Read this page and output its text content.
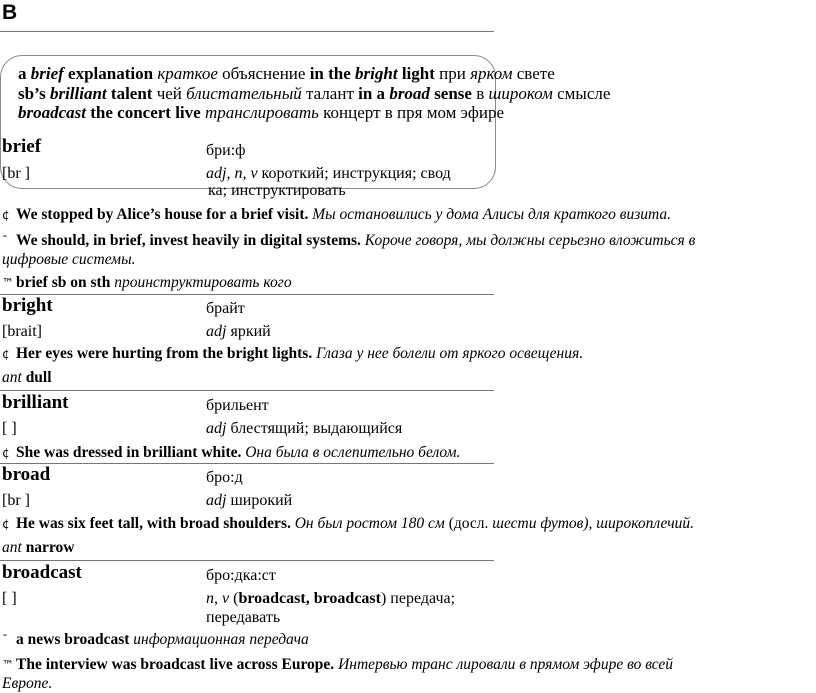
B
a brief explanation краткое объяснение in the bright light при ярком свете
sb’s brilliant talent чей блистательный талант in a broad sense в широком смысле
broadcast the concert live транслировать концерт в пря мом эфире
brief	бри:ф
[br ]	adj, n, v короткий; инструкция; свод
ка; инструктировать
¢ We stopped by Alice’s house for a brief visit. Мы остановились у дома Алисы для краткого визита.
ˉ We should, in brief, invest heavily in digital systems. Короче говоря, мы должны серьезно вложиться в
цифровые системы.
™ brief sb on sth проинструктировать кого
bright	брайт
[brait]	adj яркий
¢ Her eyes were hurting from the bright lights. Глаза у нее болели от яркого освещения.
ant dull
brilliant	брильент
[ ]	adj блестящий; выдающийся
¢ She was dressed in brilliant white. Она была в ослепительно белом.
broad	бро:д
[br ]	adj широкий
¢ He was six feet tall, with broad shoulders. Он был ростом 180 см (досл. шести футов), широкоплечий.
ant narrow
broadcast	бро:дка:ст
[ ]	n, v (broadcast, broadcast) передача;
передавать
ˉ a news broadcast информационная передача
™ The interview was broadcast live across Europe. Интервью транс лировали в прямом эфире во всей
Европе.
